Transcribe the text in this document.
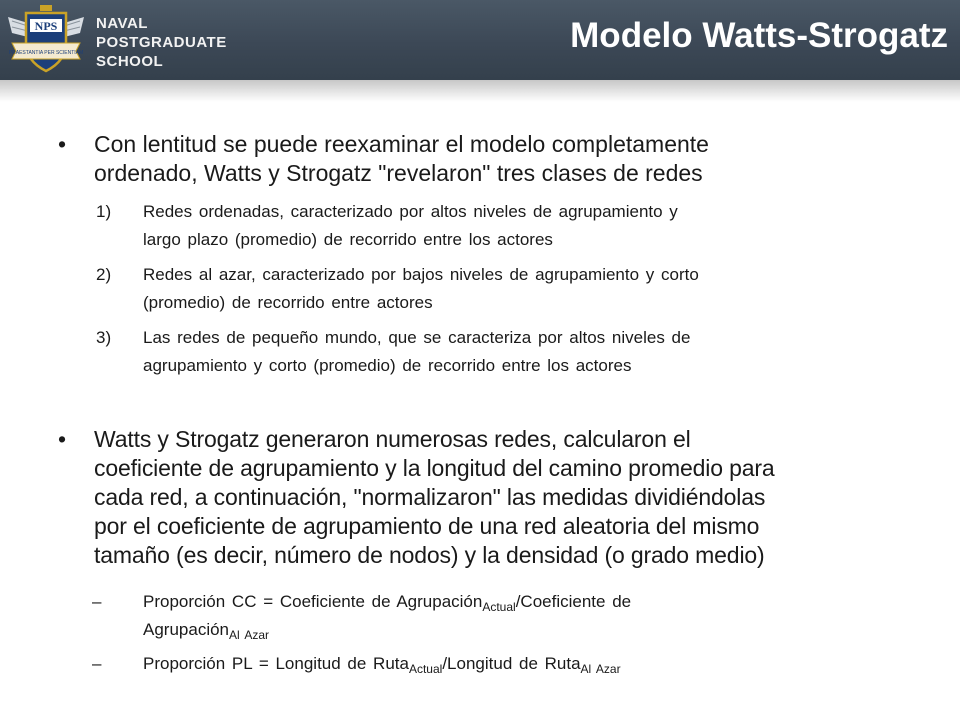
NPS
PRAESTANTIA PER SCIENTIAM
NAVAL
POSTGRADUATE
SCHOOL
Modelo Watts-Strogatz
• Con lentitud se puede reexaminar el modelo completamente
ordenado, Watts y Strogatz "revelaron" tres clases de redes
1) Redes ordenadas, caracterizado por altos niveles de agrupamiento y
largo plazo (promedio) de recorrido entre los actores
2) Redes al azar, caracterizado por bajos niveles de agrupamiento y corto
(promedio) de recorrido entre actores
3) Las redes de pequeño mundo, que se caracteriza por altos niveles de
agrupamiento y corto (promedio) de recorrido entre los actores
• Watts y Strogatz generaron numerosas redes, calcularon el
coeficiente de agrupamiento y la longitud del camino promedio para
cada red, a continuación, "normalizaron" las medidas dividiéndolas
por el coeficiente de agrupamiento de una red aleatoria del mismo
tamaño (es decir, número de nodos) y la densidad (o grado medio)
– Proporción CC = Coeficiente de Agrupación$_{Actual}$/Coeficiente de
Agrupación$_{Al Azar}$
– Proporción PL = Longitud de Ruta$_{Actual}$/Longitud de Ruta$_{Al Azar}$
